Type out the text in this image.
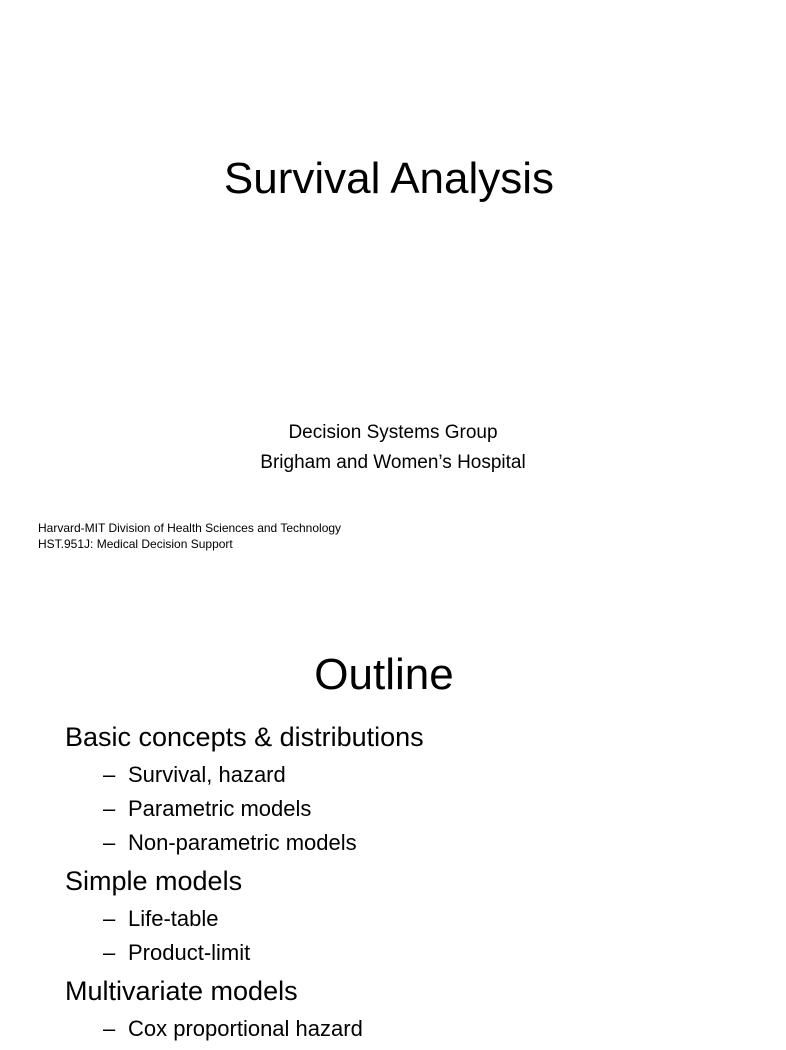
Survival Analysis
Decision Systems Group
Brigham and Women’s Hospital
Harvard-MIT Division of Health Sciences and Technology
HST.951J: Medical Decision Support
Outline
Basic concepts & distributions
– Survival, hazard
– Parametric models
– Non-parametric models
Simple models
– Life-table
– Product-limit
Multivariate models
– Cox proportional hazard
